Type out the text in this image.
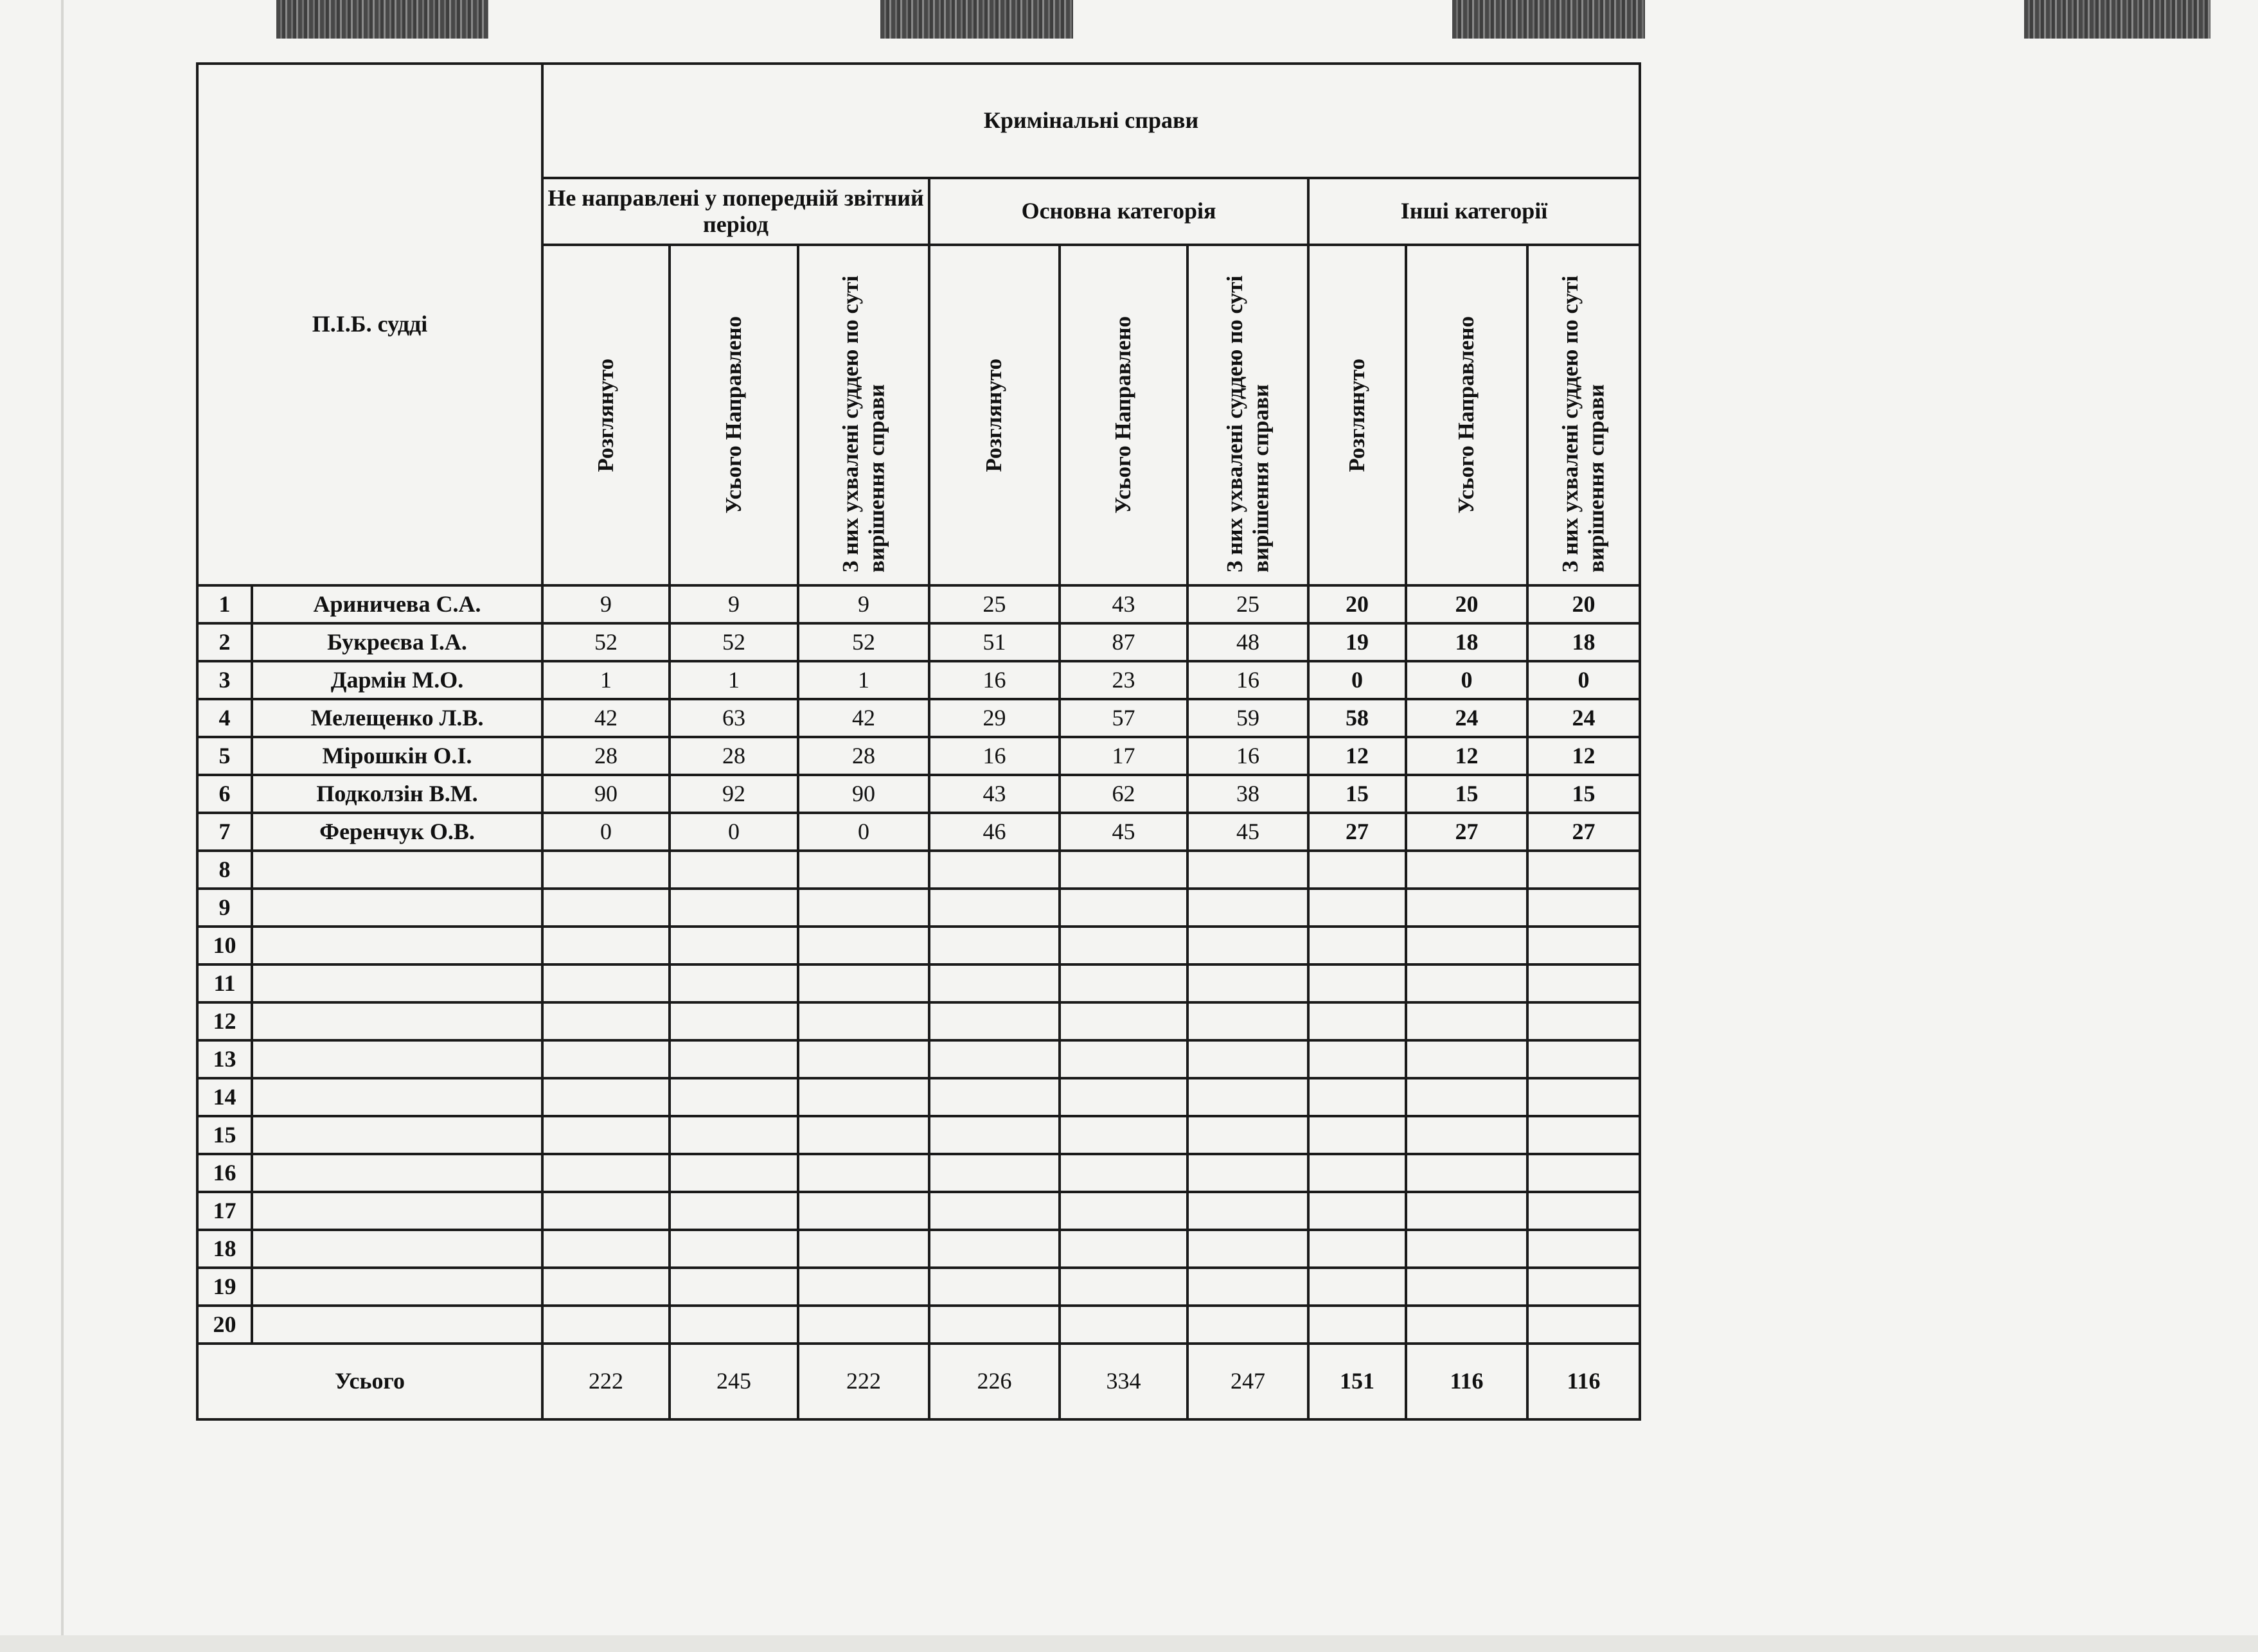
П.І.Б. судді		Кримінальні справи								
		Не направлені у попередній звітний період			Основна категорія			Інші категорії		

		Розглянуто	Усього Направлено	З них ухвалені суддею по суті вирішення справи	Розглянуто	Усього Направлено	З них ухвалені суддею по суті вирішення справи	Розглянуто	Усього Направлено	З них ухвалені суддею по суті вирішення справи

1	Ариничева С.А.	9	9	9	25	43	25	20	20	20
2	Букреєва І.А.	52	52	52	51	87	48	19	18	18
3	Дармін М.О.	1	1	1	16	23	16	0	0	0
4	Мелещенко Л.В.	42	63	42	29	57	59	58	24	24
5	Мірошкін О.І.	28	28	28	16	17	16	12	12	12
6	Подколзін В.М.	90	92	90	43	62	38	15	15	15
7	Ференчук О.В.	0	0	0	46	45	45	27	27	27
8										
9										
10										
11										
12										
13										
14										
15										
16										
17										
18										
19										
20										
Усього		222	245	222	226	334	247	151	116	116
